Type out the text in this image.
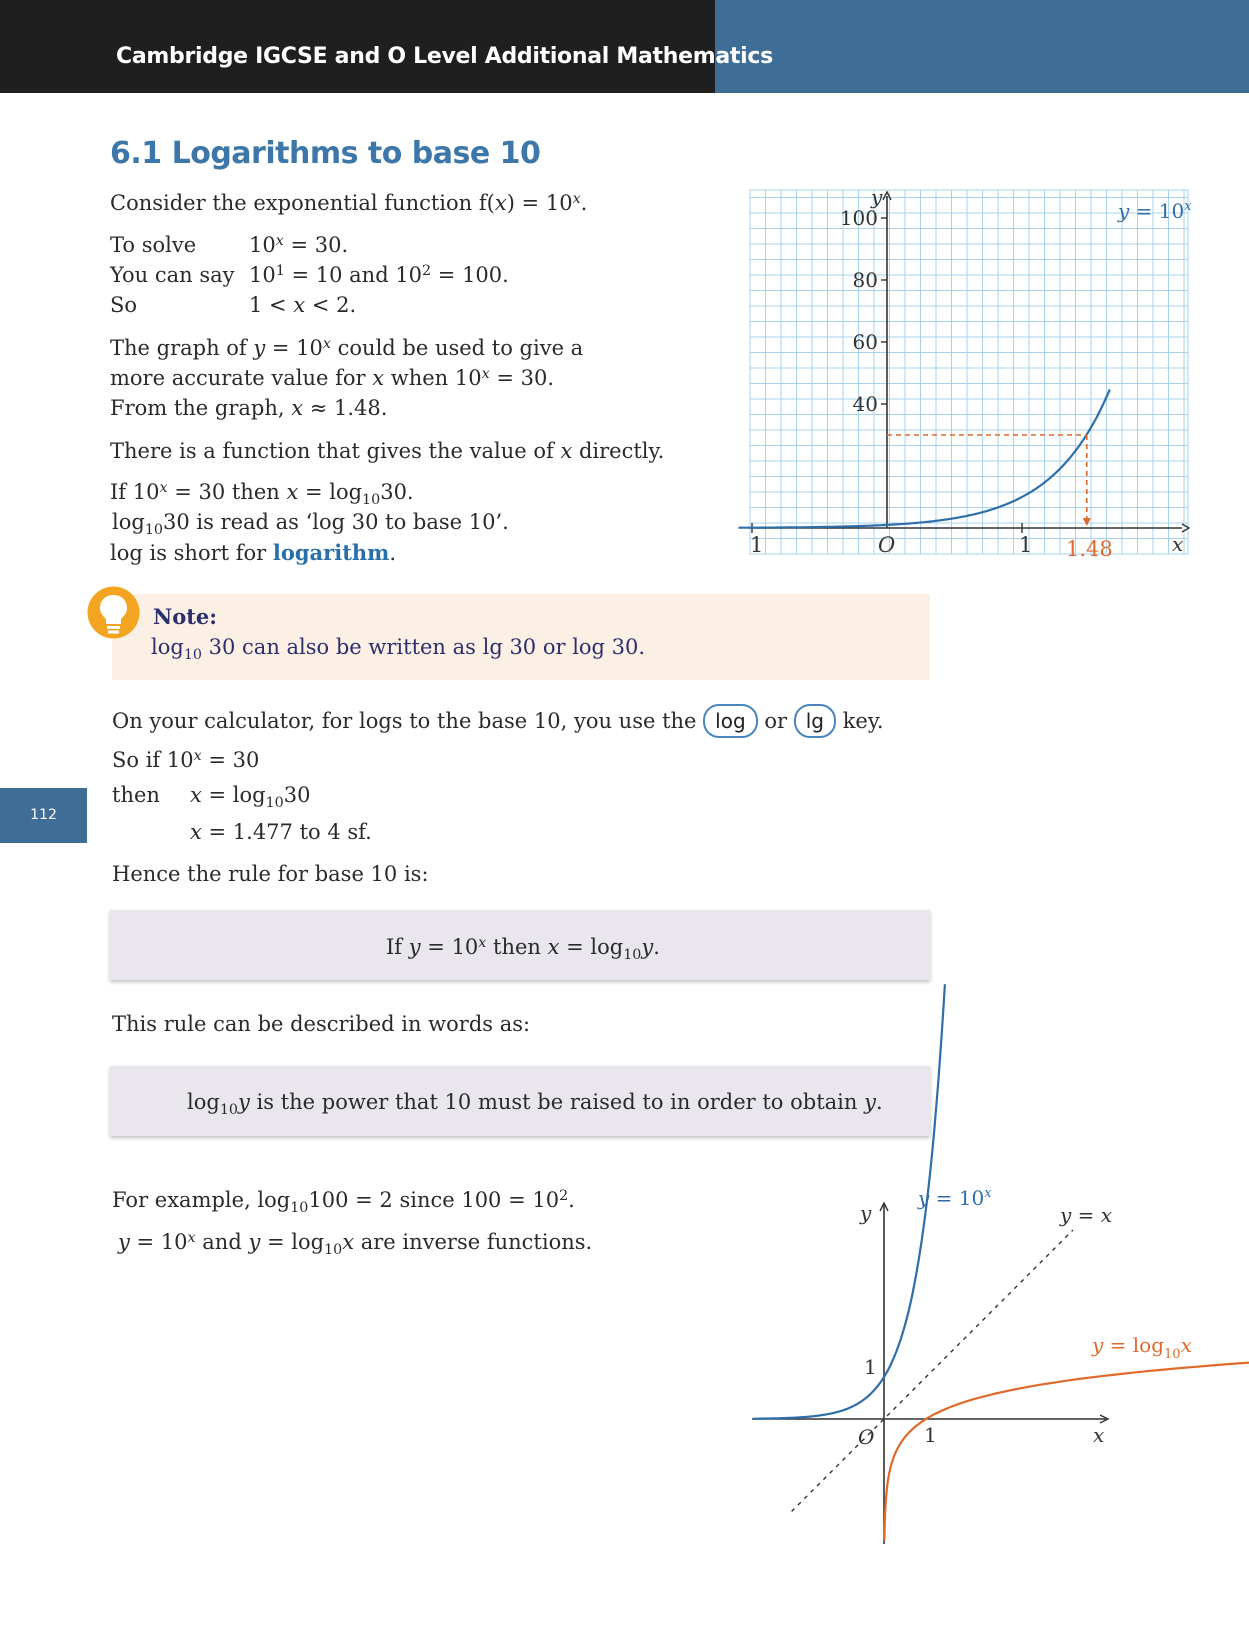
Cambridge IGCSE and O Level Additional Mathematics
6.1 Logarithms to base 10
Consider the exponential function $f(x) = 10^x$.
To solve	$10^x = 30$.
You can say $10^1 = 10$ and $10^2 = 100$.
So	1 < x < 2.
The graph of $y = 10^x$ could be used to give a
more accurate value for x when $10^x = 30$.
From the graph, x ≈ 1.48.
There is a function that gives the value of x directly.
If $10^x = 30$ then $x = \log_{10}30$.
$\log_{10}30$ is read as ‘log 30 to base 10’.
log is short for logarithm.
40
60
80
100
1	1
O	x
y
1.48
$y = 10^x$
Note:
$\log_{10} 30$ can also be written as lg 30 or log 30.
On your calculator, for logs to the base 10, you use the log or lg key.
So if $10^x = 30$
then $x = \log_{10}30$
x = 1.477 to 4 sf.
112
Hence the rule for base 10 is:
If $y = 10^x$ then $x = \log_{10}y$.
This rule can be described in words as:
$\log_{10}y$ is the power that 10 must be raised to in order to obtain y.
For example, $\log_{10}100 = 2$ since $100 = 10^2$.
$y = 10^x$ and $y = \log_{10}x$ are inverse functions.
y
x
O
1
1
$y = 10^x$
y = x
$y = \log_{10}x$
